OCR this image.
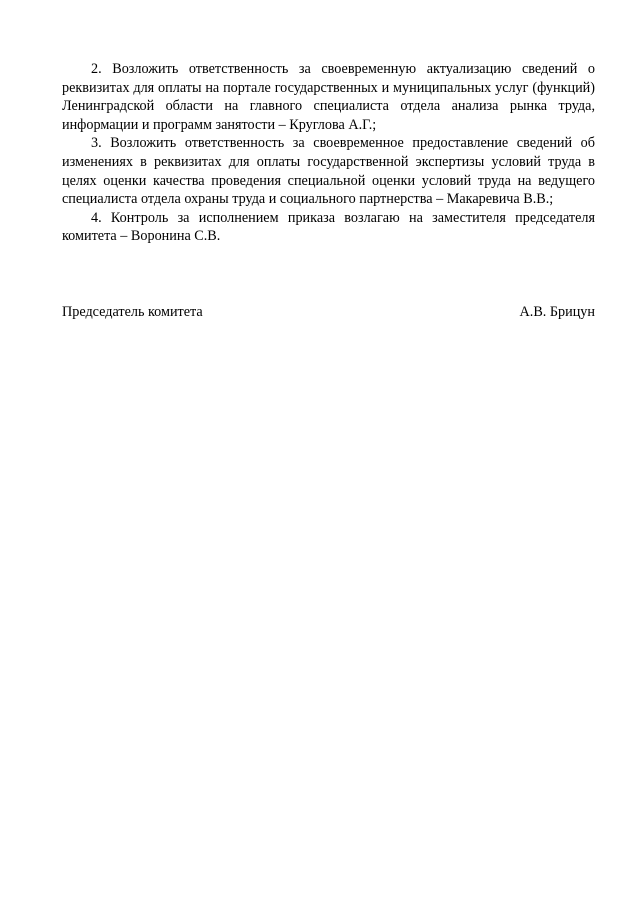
2. Возложить ответственность за своевременную актуализацию сведений о реквизитах для оплаты на портале государственных и муниципальных услуг (функций) Ленинградской области на главного специалиста отдела анализа рынка труда, информации и программ занятости – Круглова А.Г.;

3. Возложить ответственность за своевременное предоставление сведений об изменениях в реквизитах для оплаты государственной экспертизы условий труда в целях оценки качества проведения специальной оценки условий труда на ведущего специалиста отдела охраны труда и социального партнерства – Макаревича В.В.;

4. Контроль за исполнением приказа возлагаю на заместителя председателя комитета – Воронина С.В.

Председатель комитета	А.В. Брицун
